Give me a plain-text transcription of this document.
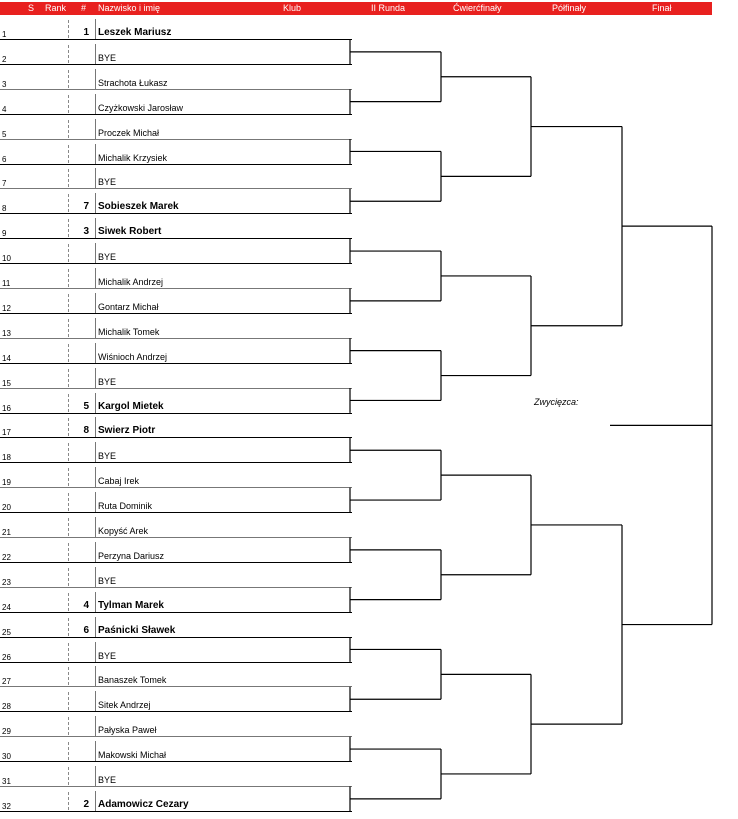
S Rank # Nazwisko i imię	Klub	II Runda	Ćwierćfinały	Półfinały	Finał
1	1 Leszek Mariusz
2	BYE
3	Strachota Łukasz
4	Czyżkowski Jarosław
5	Proczek Michał
6	Michalik Krzysiek
7	BYE
8	7 Sobieszek Marek
9	3 Siwek Robert
10	BYE
11	Michalik Andrzej
12	Gontarz Michał
13	Michalik Tomek
14	Wiśnioch Andrzej
15	BYE
16	5 Kargol Mietek
17	8 Swierz Piotr
18	BYE
19	Cabaj Irek
20	Ruta Dominik
21	Kopyść Arek
22	Perzyna Dariusz
23	BYE
24	4 Tylman Marek
25	6 Paśnicki Sławek
26	BYE
27	Banaszek Tomek
28	Sitek Andrzej
29	Pałyska Paweł
30	Makowski Michał
31	BYE
32	2 Adamowicz Cezary
Zwycięzca:
